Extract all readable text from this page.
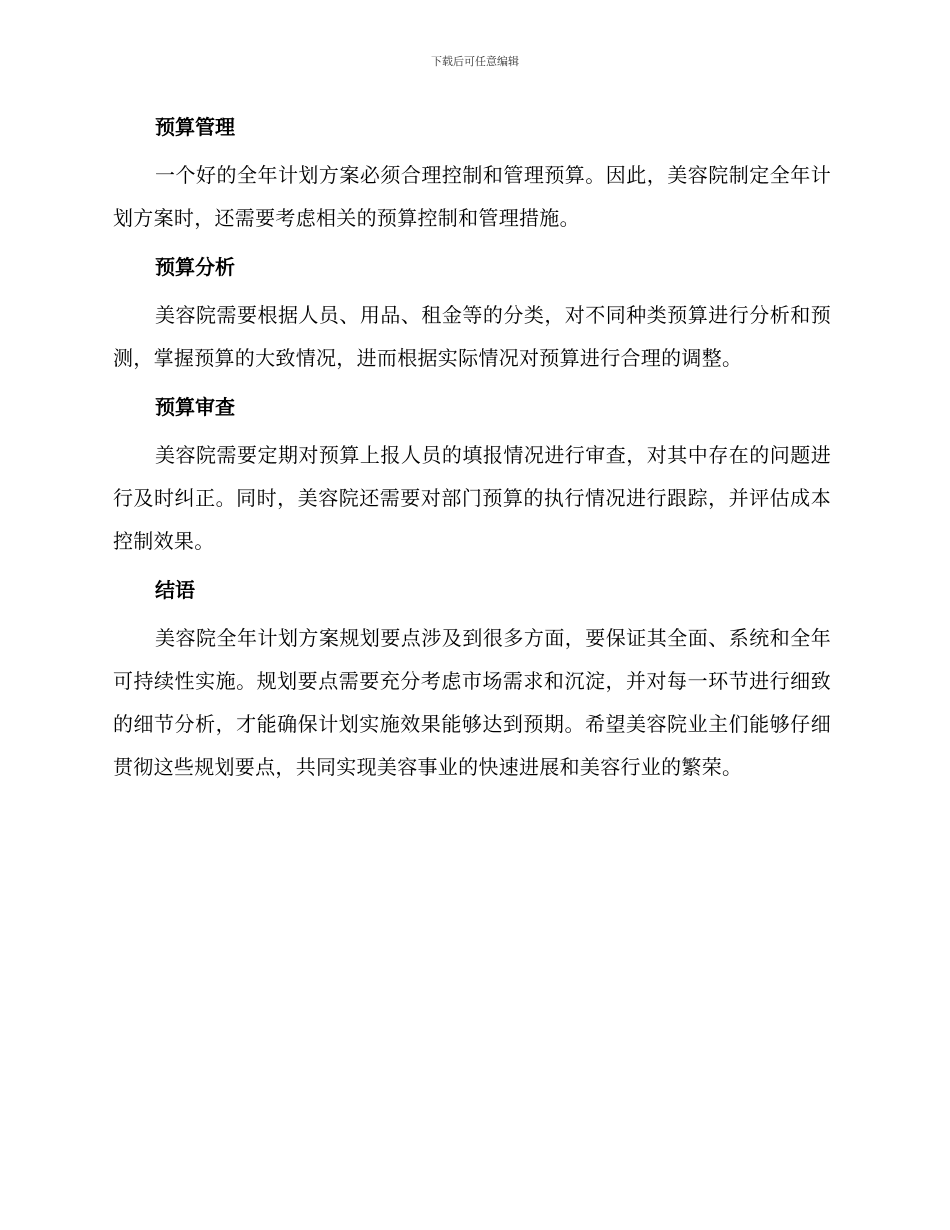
下载后可任意编辑
预算管理

一个好的全年计划方案必须合理控制和管理预算。因此，美容院制定全年计划方案时，还需要考虑相关的预算控制和管理措施。

预算分析

美容院需要根据人员、用品、租金等的分类，对不同种类预算进行分析和预测，掌握预算的大致情况，进而根据实际情况对预算进行合理的调整。

预算审查

美容院需要定期对预算上报人员的填报情况进行审查，对其中存在的问题进行及时纠正。同时，美容院还需要对部门预算的执行情况进行跟踪，并评估成本控制效果。

结语

美容院全年计划方案规划要点涉及到很多方面，要保证其全面、系统和全年可持续性实施。规划要点需要充分考虑市场需求和沉淀，并对每一环节进行细致的细节分析，才能确保计划实施效果能够达到预期。希望美容院业主们能够仔细贯彻这些规划要点，共同实现美容事业的快速进展和美容行业的繁荣。
